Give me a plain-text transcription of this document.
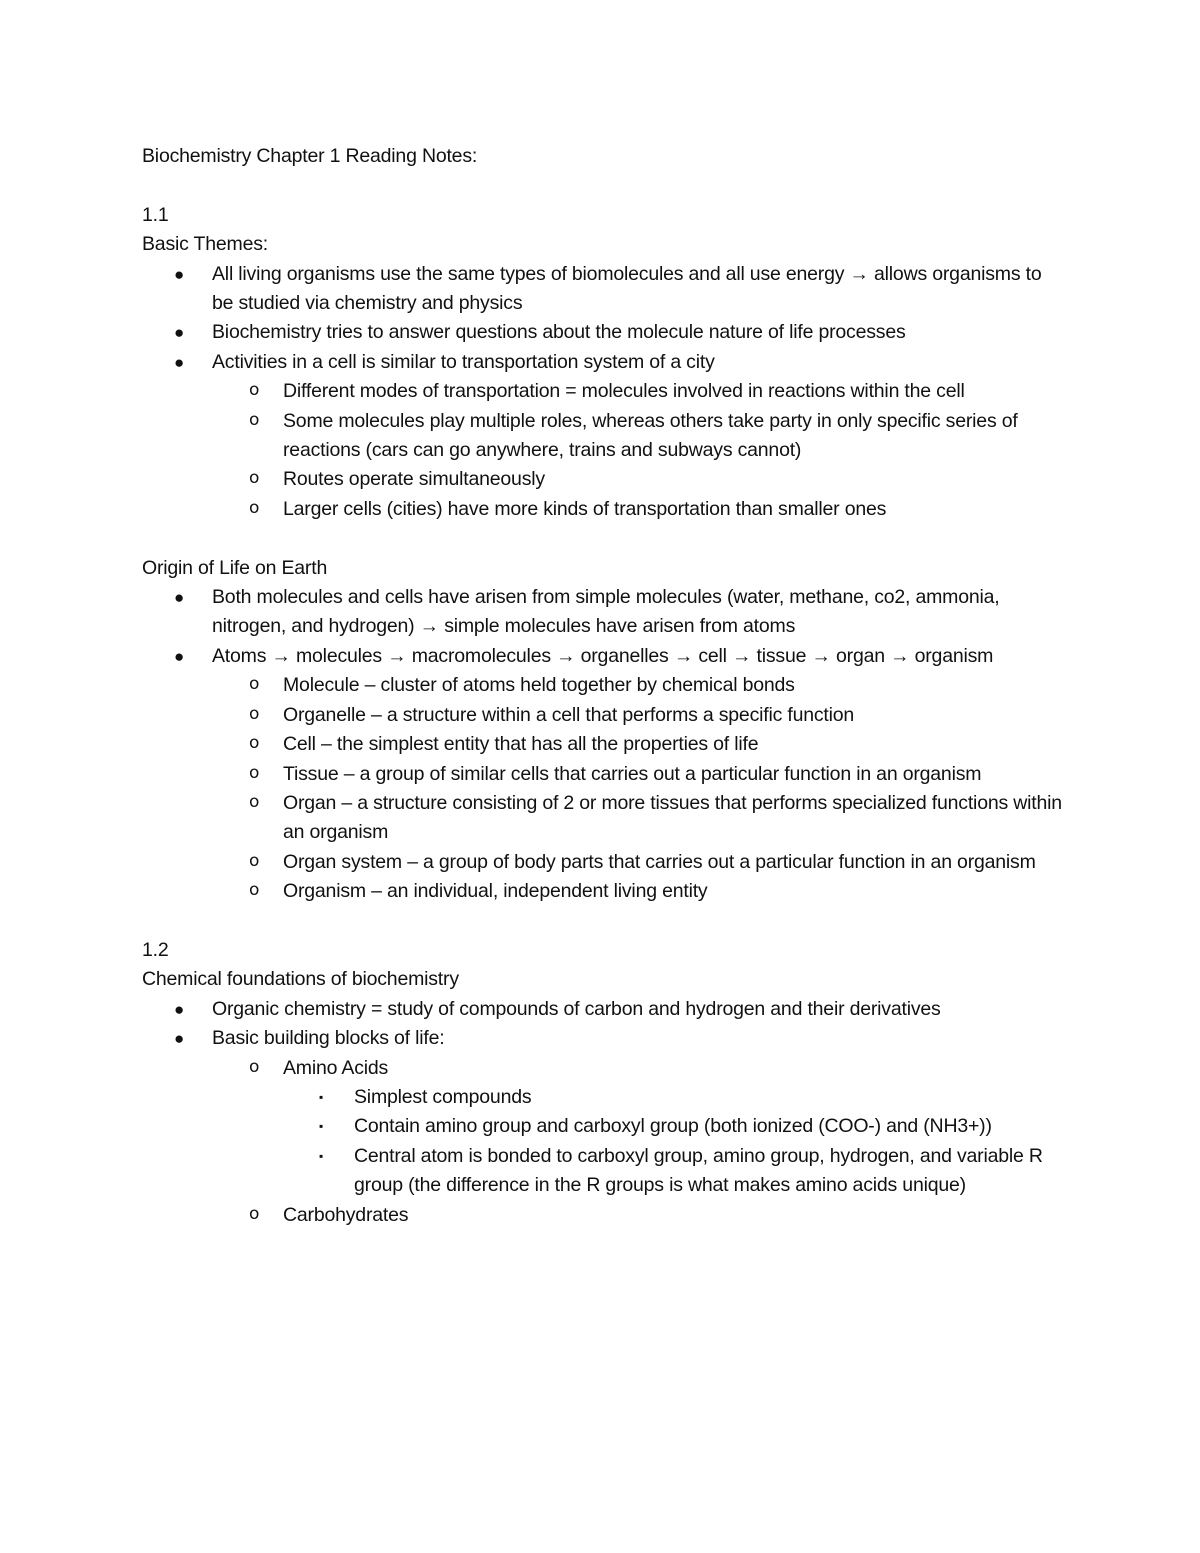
Biochemistry Chapter 1 Reading Notes:

1.1

Basic Themes:

● All living organisms use the same types of biomolecules and all use energy → allows organisms to be studied via chemistry and physics
● Biochemistry tries to answer questions about the molecule nature of life processes
● Activities in a cell is similar to transportation system of a city
o Different modes of transportation = molecules involved in reactions within the cell
o Some molecules play multiple roles, whereas others take party in only specific series of reactions (cars can go anywhere, trains and subways cannot)
o Routes operate simultaneously
o Larger cells (cities) have more kinds of transportation than smaller ones

Origin of Life on Earth

● Both molecules and cells have arisen from simple molecules (water, methane, co2, ammonia, nitrogen, and hydrogen) → simple molecules have arisen from atoms
● Atoms → molecules → macromolecules → organelles → cell → tissue → organ → organism
o Molecule – cluster of atoms held together by chemical bonds
o Organelle – a structure within a cell that performs a specific function
o Cell – the simplest entity that has all the properties of life
o Tissue – a group of similar cells that carries out a particular function in an organism
o Organ – a structure consisting of 2 or more tissues that performs specialized functions within an organism
o Organ system – a group of body parts that carries out a particular function in an organism
o Organism – an individual, independent living entity

1.2

Chemical foundations of biochemistry

● Organic chemistry = study of compounds of carbon and hydrogen and their derivatives
● Basic building blocks of life:
o Amino Acids
▪ Simplest compounds
▪ Contain amino group and carboxyl group (both ionized (COO-) and (NH3+))
▪ Central atom is bonded to carboxyl group, amino group, hydrogen, and variable R group (the difference in the R groups is what makes amino acids unique)
o Carbohydrates
